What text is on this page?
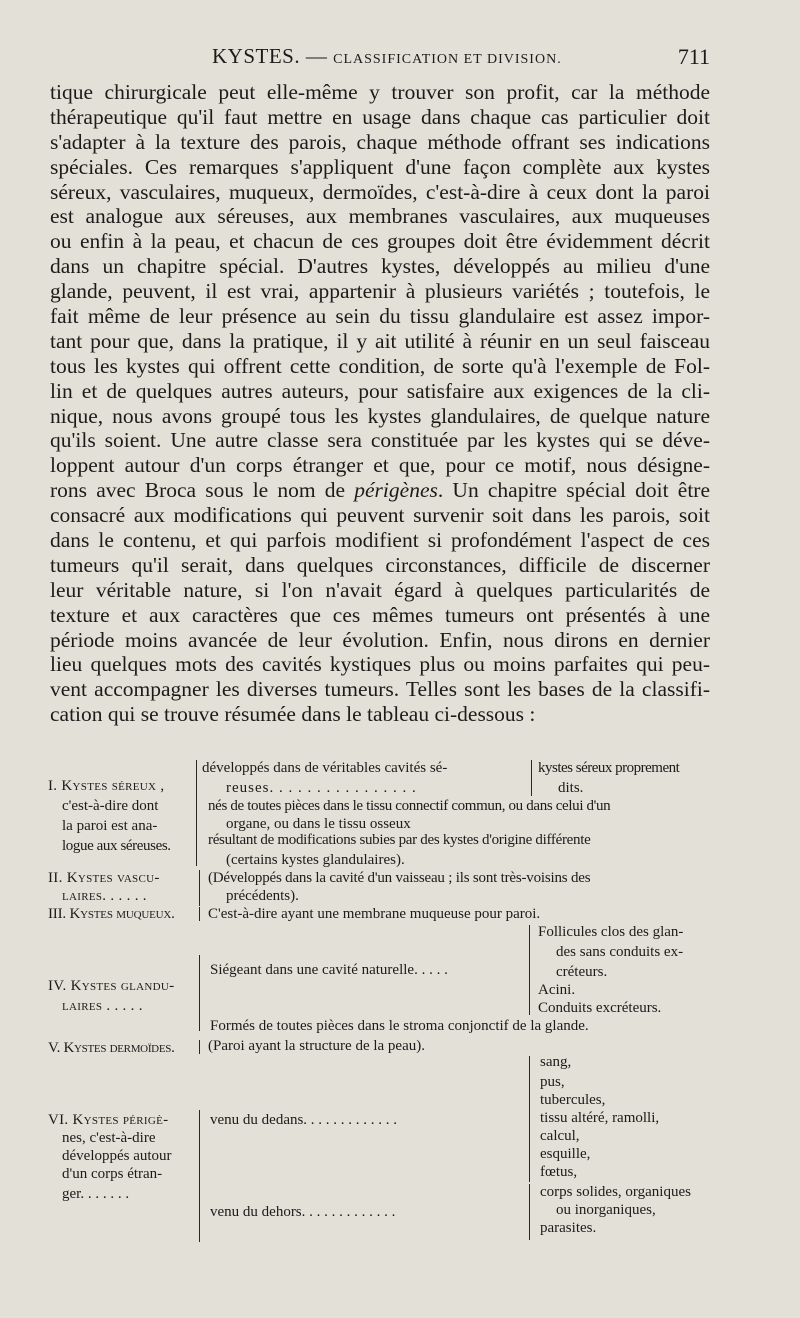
KYSTES. — CLASSIFICATION ET DIVISION.	711
tique chirurgicale peut elle-même y trouver son profit, car la méthode
thérapeutique qu'il faut mettre en usage dans chaque cas particulier doit
s'adapter à la texture des parois, chaque méthode offrant ses indications
spéciales. Ces remarques s'appliquent d'une façon complète aux kystes
séreux, vasculaires, muqueux, dermoïdes, c'est-à-dire à ceux dont la paroi
est analogue aux séreuses, aux membranes vasculaires, aux muqueuses
ou enfin à la peau, et chacun de ces groupes doit être évidemment décrit
dans un chapitre spécial. D'autres kystes, développés au milieu d'une
glande, peuvent, il est vrai, appartenir à plusieurs variétés ; toutefois, le
fait même de leur présence au sein du tissu glandulaire est assez impor-
tant pour que, dans la pratique, il y ait utilité à réunir en un seul faisceau
tous les kystes qui offrent cette condition, de sorte qu'à l'exemple de Fol-
lin et de quelques autres auteurs, pour satisfaire aux exigences de la cli-
nique, nous avons groupé tous les kystes glandulaires, de quelque nature
qu'ils soient. Une autre classe sera constituée par les kystes qui se déve-
loppent autour d'un corps étranger et que, pour ce motif, nous désigne-
rons avec Broca sous le nom de périgènes. Un chapitre spécial doit être
consacré aux modifications qui peuvent survenir soit dans les parois, soit
dans le contenu, et qui parfois modifient si profondément l'aspect de ces
tumeurs qu'il serait, dans quelques circonstances, difficile de discerner
leur véritable nature, si l'on n'avait égard à quelques particularités de
texture et aux caractères que ces mêmes tumeurs ont présentés à une
période moins avancée de leur évolution. Enfin, nous dirons en dernier
lieu quelques mots des cavités kystiques plus ou moins parfaites qui peu-
vent accompagner les diverses tumeurs. Telles sont les bases de la classifi-
cation qui se trouve résumée dans le tableau ci-dessous :
I. Kystes séreux ,
c'est-à-dire dont
la paroi est ana-
logue aux séreuses.
développés dans de véritables cavités sé-
reuses. . . . . . . . . . . . . . . .
kystes séreux proprement
dits.
nés de toutes pièces dans le tissu connectif commun, ou dans celui d'un
organe, ou dans le tissu osseux
résultant de modifications subies par des kystes d'origine différente
(certains kystes glandulaires).
II. Kystes vascu-
laires. . . . . .
(Développés dans la cavité d'un vaisseau ; ils sont très-voisins des
précédents).
III. Kystes muqueux. C'est-à-dire ayant une membrane muqueuse pour paroi.
IV. Kystes glandu-
laires . . . . .
Siégeant dans une cavité naturelle. . . . .
Follicules clos des glan-
des sans conduits ex-
créteurs.
Acini.
Conduits excréteurs.
Formés de toutes pièces dans le stroma conjonctif de la glande.
V. Kystes dermoïdes. (Paroi ayant la structure de la peau).
VI. Kystes périgè-
nes, c'est-à-dire
développés autour
d'un corps étran-
ger. . . . . . .
venu du dedans. . . . . . . . . . . . .
sang,
pus,
tubercules,
tissu altéré, ramolli,
calcul,
esquille,
fœtus,
venu du dehors. . . . . . . . . . . . .
corps solides, organiques
ou inorganiques,
parasites.
